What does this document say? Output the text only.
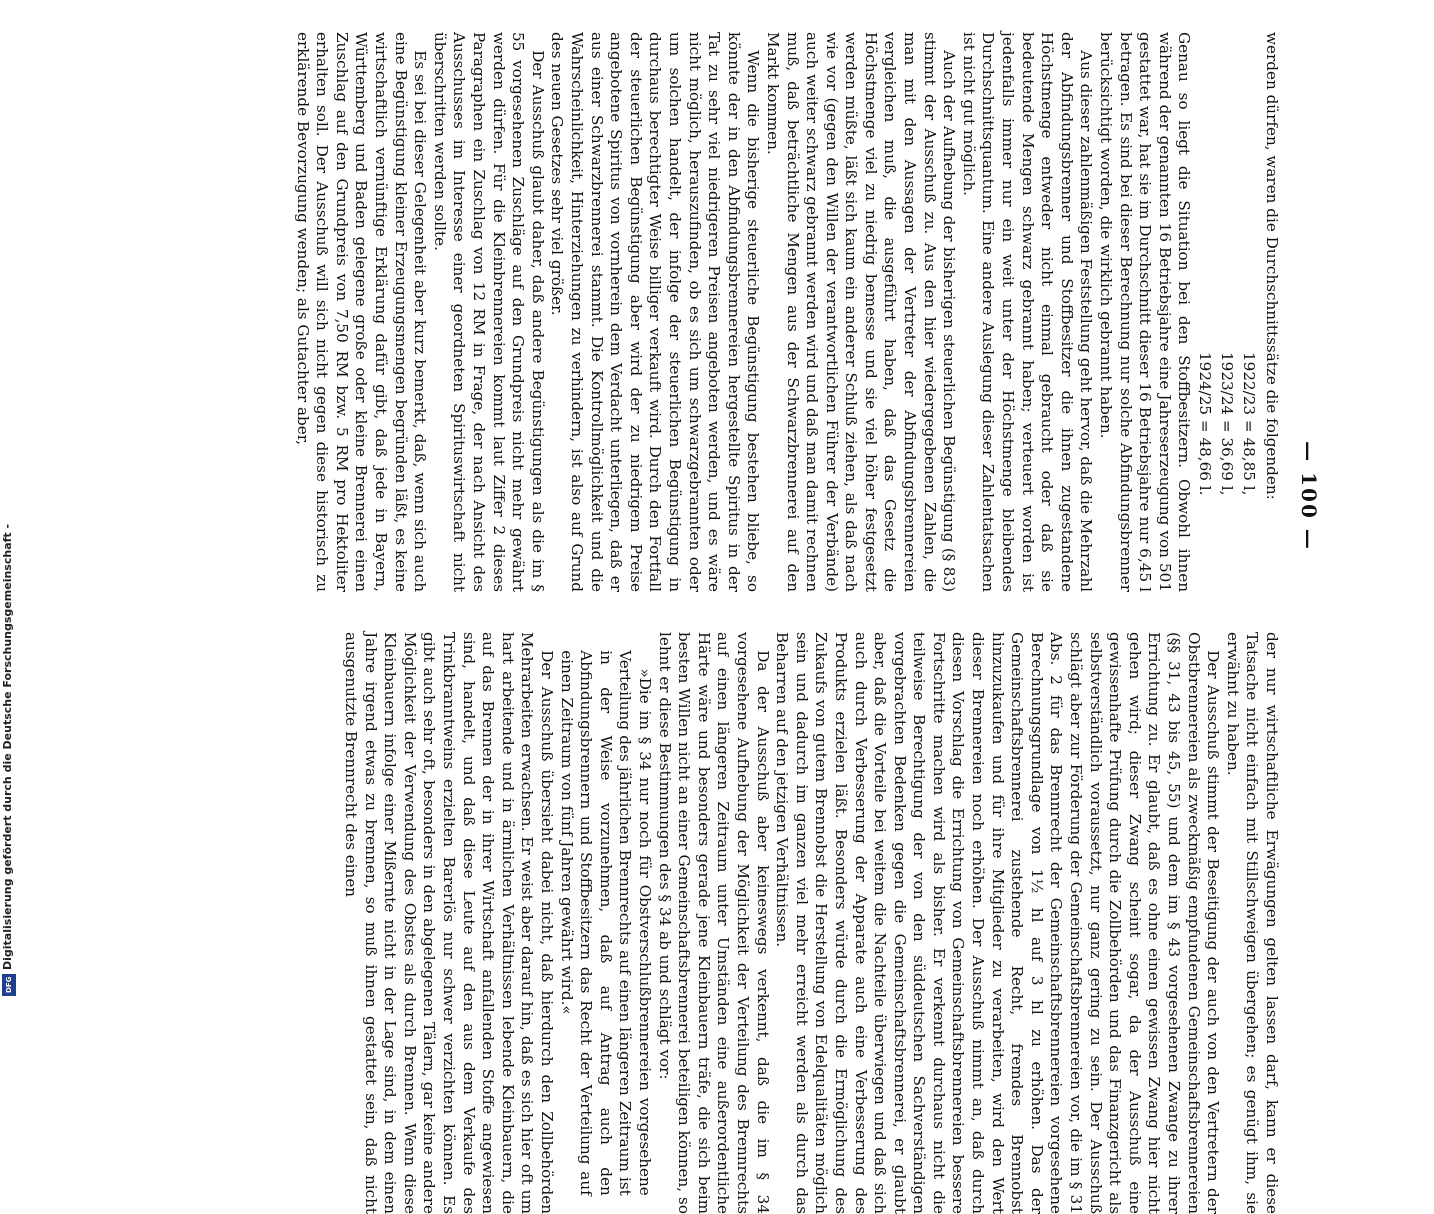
Digitalisierung gefördert durch die Deutsche Forschungsgemeinschaft -
DFG
— 100 —

werden dürfen, waren die Durchschnittssätze die folgenden:

1922/23 = 48,85 l,
1923/24 = 36,69 l,
1924/25 = 48,66 l.

Genau so liegt die Situation bei den Stoffbesitzern. Obwohl ihnen während der genannten 16 Betriebsjahre eine Jahreserzeugung von 501 gestattet war, hat sie im Durchschnitt dieser 16 Betriebsjahre nur 6,45 l betragen. Es sind bei dieser Berechnung nur solche Abfindungsbrenner berücksichtigt worden, die wirklich gebrannt haben.

Aus dieser zahlenmäßigen Feststellung geht hervor, daß die Mehrzahl der Abfindungsbrenner und Stoffbesitzer die ihnen zugestandene Höchstmenge entweder nicht einmal gebraucht oder daß sie bedeutende Mengen schwarz gebrannt haben; verteuert worden ist jedenfalls immer nur ein weit unter der Höchstmenge bleibendes Durchschnittsquantum. Eine andere Auslegung dieser Zahlentatsachen ist nicht gut möglich.

Auch der Aufhebung der bisherigen steuerlichen Begünstigung (§ 83) stimmt der Ausschuß zu. Aus den hier wiedergegebenen Zahlen, die man mit den Aussagen der Vertreter der Abfindungsbrennereien vergleichen muß, die ausgeführt haben, daß das Gesetz die Höchstmenge viel zu niedrig bemesse und sie viel höher festgesetzt werden müßte, läßt sich kaum ein anderer Schluß ziehen, als daß nach wie vor (gegen den Willen der verantwortlichen Führer der Verbände) auch weiter schwarz gebrannt werden wird und daß man damit rechnen muß, daß beträchtliche Mengen aus der Schwarzbrennerei auf den Markt kommen.

Wenn die bisherige steuerliche Begünstigung bestehen bliebe, so könnte der in den Abfindungsbrennereien hergestellte Spiritus in der Tat zu sehr viel niedrigeren Preisen angeboten werden, und es wäre nicht möglich, herauszufinden, ob es sich um schwarzgebrannten oder um solchen handelt, der infolge der steuerlichen Begünstigung in durchaus berechtigter Weise billiger verkauft wird. Durch den Fortfall der steuerlichen Begünstigung aber wird der zu niedrigem Preise angebotene Spiritus von vornherein dem Verdacht unterliegen, daß er aus einer Schwarzbrennerei stammt. Die Kontrollmöglichkeit und die Wahrscheinlichkeit, Hinterziehungen zu verhindern, ist also auf Grund des neuen Gesetzes sehr viel größer.

Der Ausschuß glaubt daher, daß andere Begünstigungen als die im § 55 vorgesehenen Zuschläge auf den Grundpreis nicht mehr gewährt werden dürfen. Für die Kleinbrennereien kommt laut Ziffer 2 dieses Paragraphen ein Zuschlag von 12 RM in Frage, der nach Ansicht des Ausschusses im Interesse einer geordneten Spirituswirtschaft nicht überschritten werden sollte.

Es sei bei dieser Gelegenheit aber kurz bemerkt, daß, wenn sich auch eine Begünstigung kleiner Erzeugungsmengen begründen läßt, es keine wirtschaftlich vernünftige Erklärung dafür gibt, daß jede in Bayern, Württemberg und Baden gelegene große oder kleine Brennerei einen Zuschlag auf den Grundpreis von 7,50 RM bzw. 5 RM pro Hektoliter erhalten soll. Der Ausschuß will sich nicht gegen diese historisch zu erklärende Bevorzugung wenden; als Gutachter aber,

der nur wirtschaftliche Erwägungen gelten lassen darf, kann er diese Tatsache nicht einfach mit Stillschweigen übergehen; es genügt ihm, sie erwähnt zu haben.

Der Ausschuß stimmt der Beseitigung der auch von den Vertretern der Obstbrennereien als zweckmäßig empfundenen Gemeinschaftsbrennereien (§§ 31, 43 bis 45, 55) und dem im § 43 vorgesehenen Zwange zu ihrer Errichtung zu. Er glaubt, daß es ohne einen gewissen Zwang hier nicht gehen wird; dieser Zwang scheint sogar, da der Ausschuß eine gewissenhafte Prüfung durch die Zollbehörden und das Finanzgericht als selbstverständlich voraussetzt, nur ganz gering zu sein. Der Ausschuß schlägt aber zur Förderung der Gemeinschaftsbrennereien vor, die im § 31 Abs. 2 für das Brennrecht der Gemeinschaftsbrennereien vorgesehene Berechnungsgrundlage von 1½ hl auf 3 hl zu erhöhen. Das der Gemeinschaftsbrennerei zustehende Recht, fremdes Brennobst hinzuzukaufen und für ihre Mitglieder zu verarbeiten, wird den Wert dieser Brennereien noch erhöhen. Der Ausschuß nimmt an, daß durch diesen Vorschlag die Errichtung von Gemeinschaftsbrennereien bessere Fortschritte machen wird als bisher. Er verkennt durchaus nicht die teilweise Berechtigung der von den süddeutschen Sachverständigen vorgebrachten Bedenken gegen die Gemeinschaftsbrennerei, er glaubt aber, daß die Vorteile bei weitem die Nachteile überwiegen und daß sich auch durch Verbesserung der Apparate auch eine Verbesserung des Produkts erzielen läßt. Besonders würde durch die Ermöglichung des Zukaufs von gutem Brennobst die Herstellung von Edelqualitäten möglich sein und dadurch im ganzen viel mehr erreicht werden als durch das Beharren auf den jetzigen Verhältnissen.

Da der Ausschuß aber keineswegs verkennt, daß die im § 34 vorgesehene Aufhebung der Möglichkeit der Verteilung des Brennrechts auf einen längeren Zeitraum unter Umständen eine außerordentliche Härte wäre und besonders gerade jene Kleinbauern träfe, die sich beim besten Willen nicht an einer Gemeinschaftsbrennerei beteiligen können, so lehnt er diese Bestimmungen des § 34 ab und schlägt vor:

»Die im § 34 nur noch für Obstverschlußbrennereien vorgesehene Verteilung des jährlichen Brennrechts auf einen längeren Zeitraum ist in der Weise vorzunehmen, daß auf Antrag auch den Abfindungsbrennern und Stoffbesitzern das Recht der Verteilung auf einen Zeitraum von fünf Jahren gewährt wird.«

Der Ausschuß übersieht dabei nicht, daß hierdurch den Zollbehörden Mehrarbeiten erwachsen. Er weist aber darauf hin, daß es sich hier oft um hart arbeitende und in ärmlichen Verhältnissen lebende Kleinbauern, die auf das Brennen der in ihrer Wirtschaft anfallenden Stoffe angewiesen sind, handelt, und daß diese Leute auf den aus dem Verkaufe des Trinkbranntweins erzielten Barerlös nur schwer verzichten können. Es gibt auch sehr oft, besonders in den abgelegenen Tälern, gar keine andere Möglichkeit der Verwendung des Obstes als durch Brennen. Wenn diese Kleinbauern infolge einer Mißernte nicht in der Lage sind, in dem einen Jahre irgend etwas zu brennen, so muß ihnen gestattet sein, daß nicht ausgenutzte Brennrecht des einen
